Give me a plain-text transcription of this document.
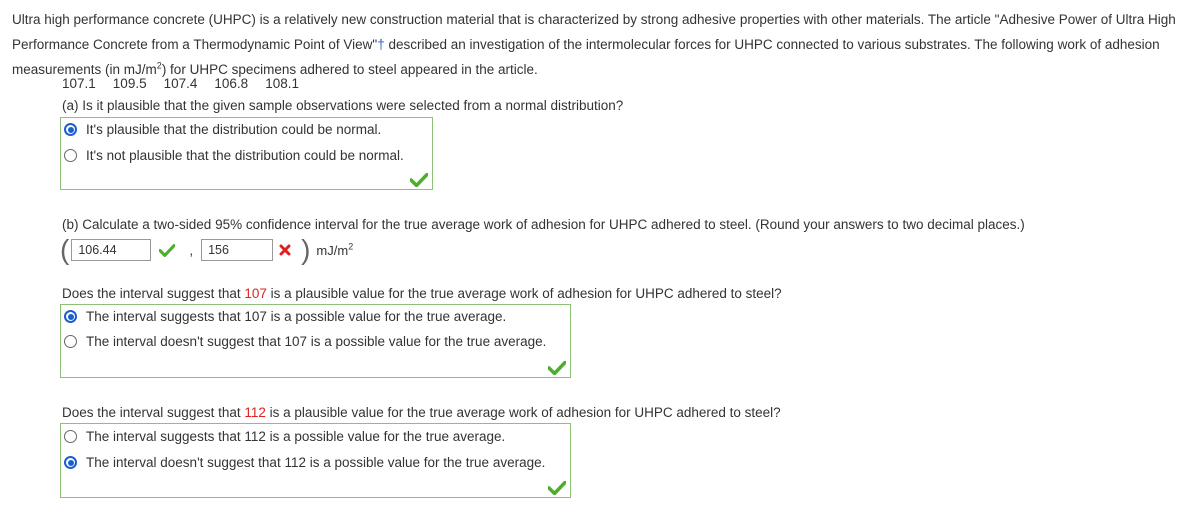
Ultra high performance concrete (UHPC) is a relatively new construction material that is characterized by strong adhesive properties with other materials. The article "Adhesive Power of Ultra High Performance Concrete from a Thermodynamic Point of View"† described an investigation of the intermolecular forces for UHPC connected to various substrates. The following work of adhesion measurements (in $mJ/m^2$) for UHPC specimens adhered to steel appeared in the article.

107.1 109.5 107.4 106.8 108.1

(a) Is it plausible that the given sample observations were selected from a normal distribution?

It's plausible that the distribution could be normal.
It's not plausible that the distribution could be normal.

(b) Calculate a two-sided 95% confidence interval for the true average work of adhesion for UHPC adhered to steel. (Round your answers to two decimal places.)

( 106.44	,	156	) $mJ/m^2$

Does the interval suggest that 107 is a plausible value for the true average work of adhesion for UHPC adhered to steel?

The interval suggests that 107 is a possible value for the true average.
The interval doesn't suggest that 107 is a possible value for the true average.

Does the interval suggest that 112 is a plausible value for the true average work of adhesion for UHPC adhered to steel?

The interval suggests that 112 is a possible value for the true average.
The interval doesn't suggest that 112 is a possible value for the true average.
